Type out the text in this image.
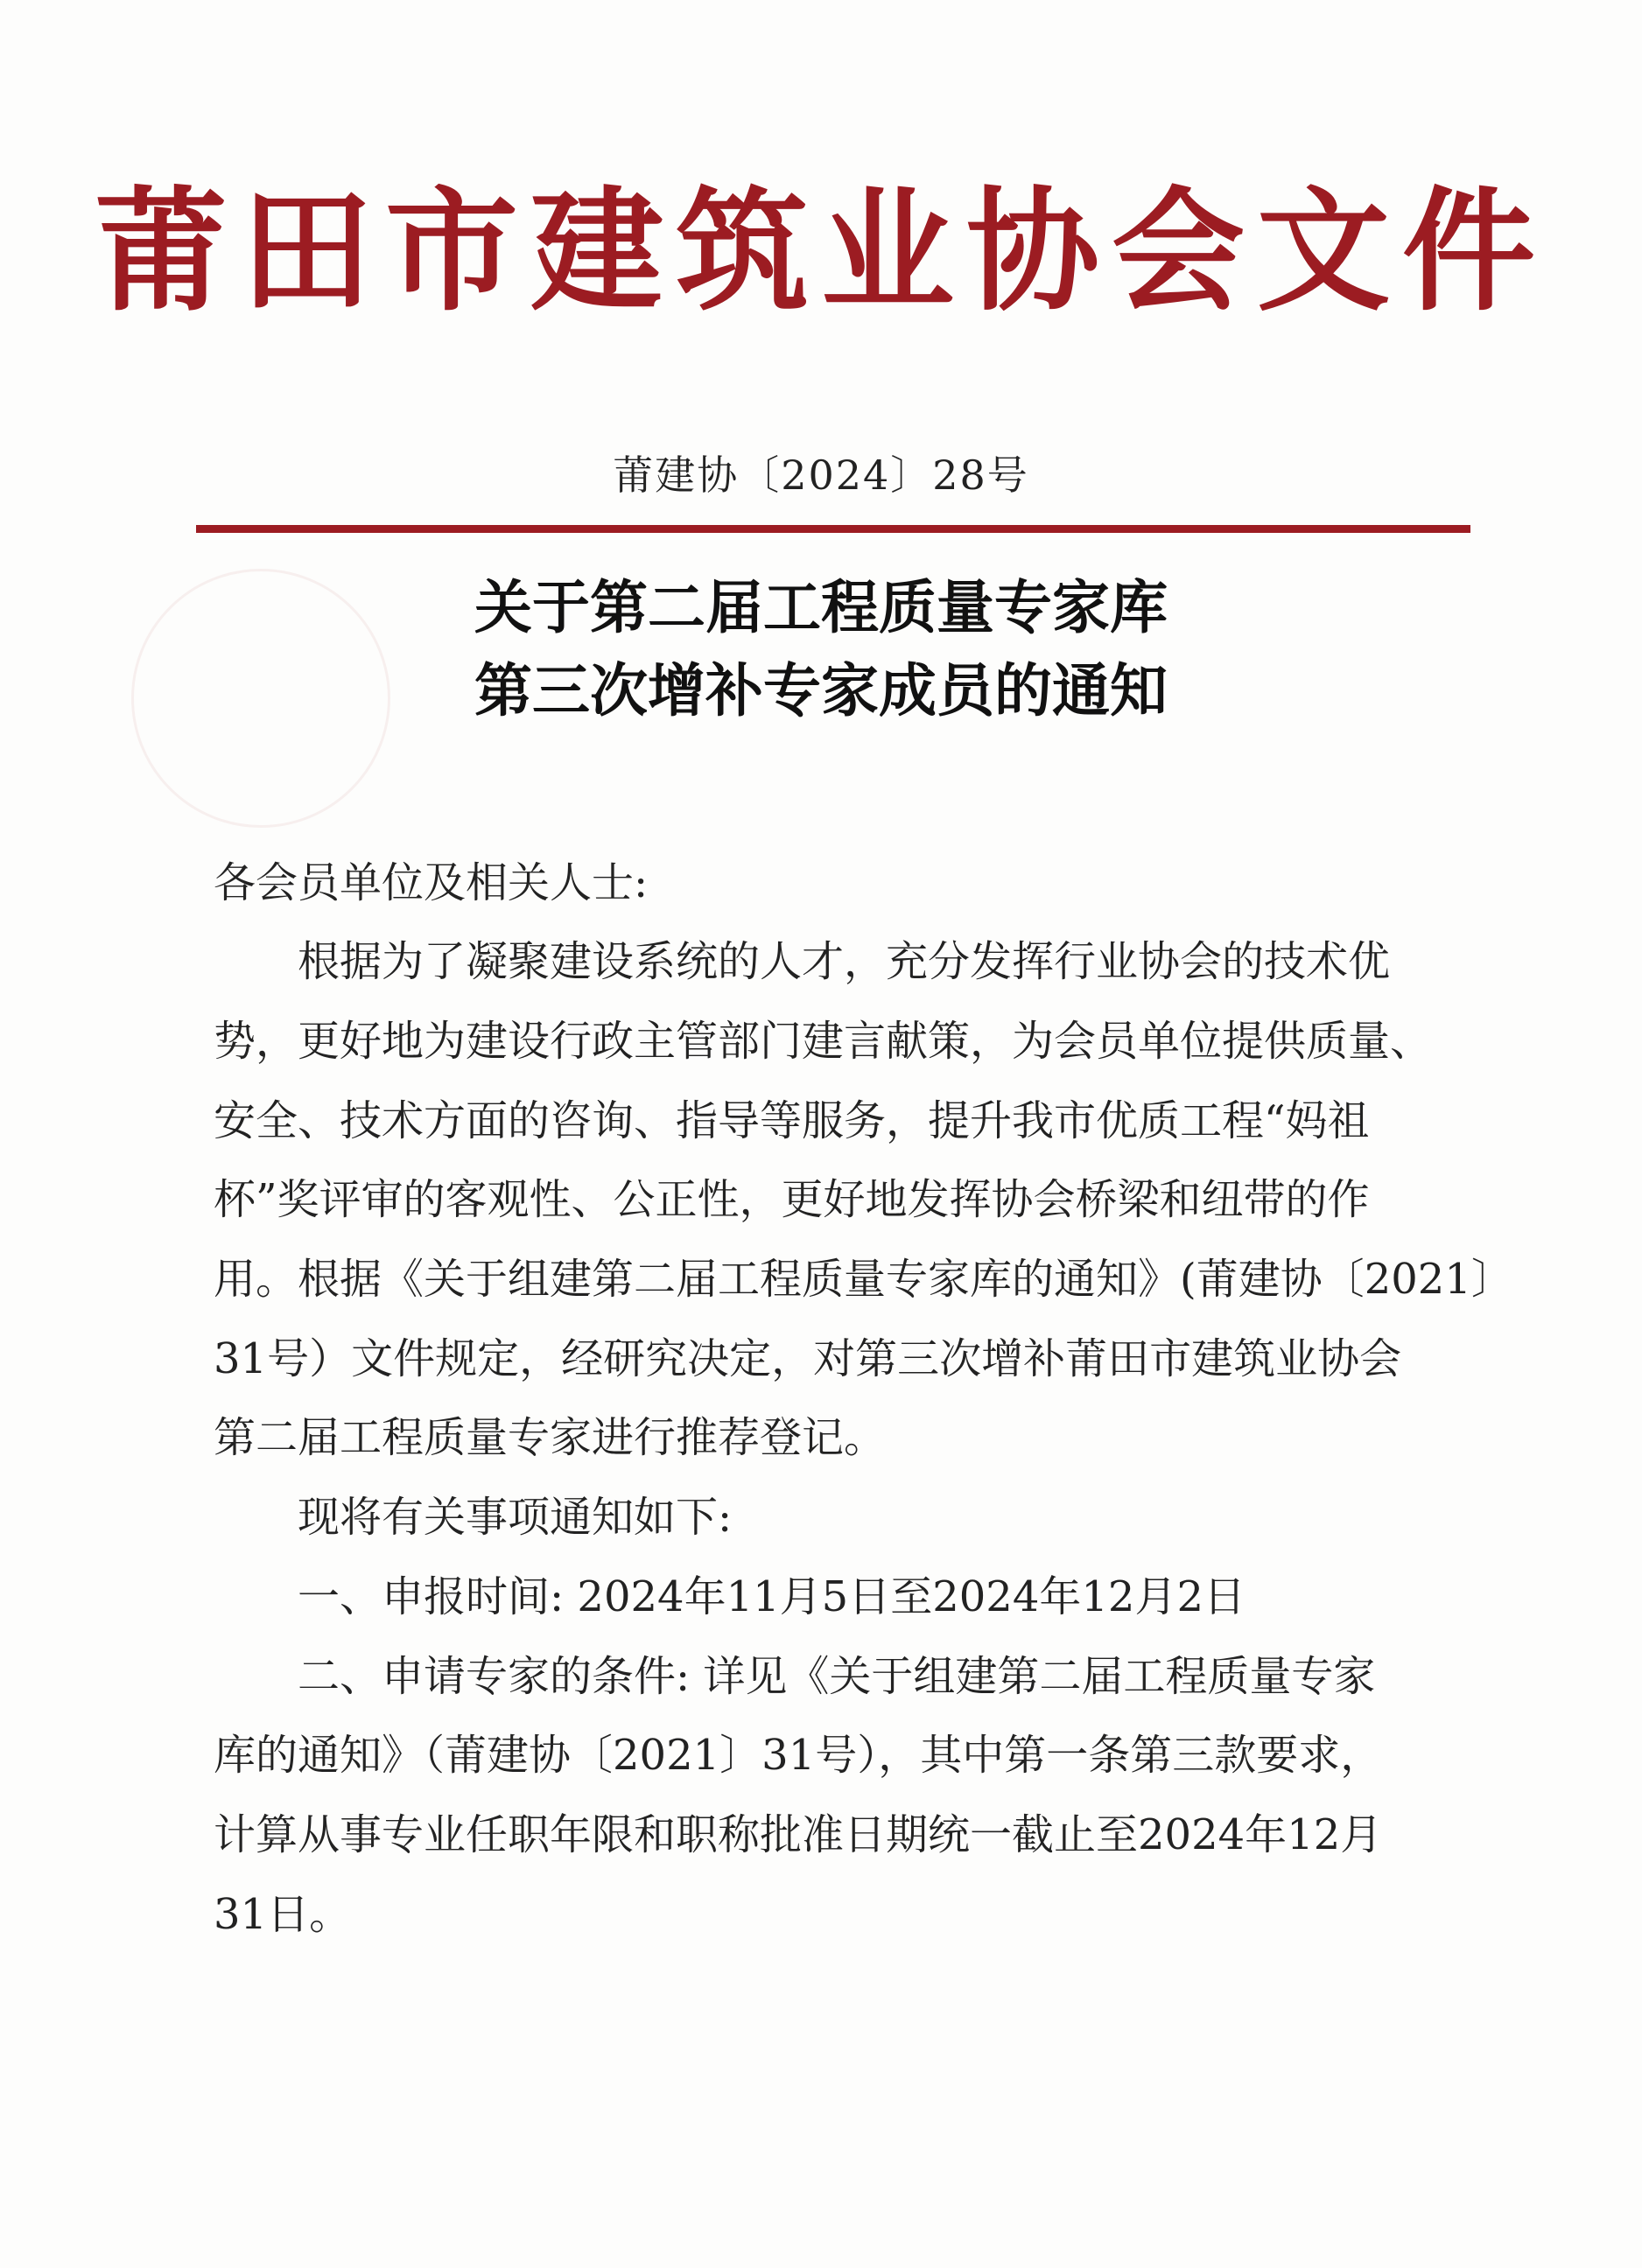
莆田市建筑业协会文件
莆建协〔2024〕28号
关于第二届工程质量专家库
第三次增补专家成员的通知
各会员单位及相关人士:
　　根据为了凝聚建设系统的人才，充分发挥行业协会的技术优
势，更好地为建设行政主管部门建言献策，为会员单位提供质量、
安全、技术方面的咨询、指导等服务，提升我市优质工程“妈祖
杯”奖评审的客观性、公正性，更好地发挥协会桥梁和纽带的作
用。根据《关于组建第二届工程质量专家库的通知》(莆建协〔2021〕
31号）文件规定，经研究决定，对第三次增补莆田市建筑业协会
第二届工程质量专家进行推荐登记。
　　现将有关事项通知如下:
　　一、申报时间: 2024年11月5日至2024年12月2日
　　二、申请专家的条件: 详见《关于组建第二届工程质量专家
库的通知》（莆建协〔2021〕31号），其中第一条第三款要求，
计算从事专业任职年限和职称批准日期统一截止至2024年12月
31日。
